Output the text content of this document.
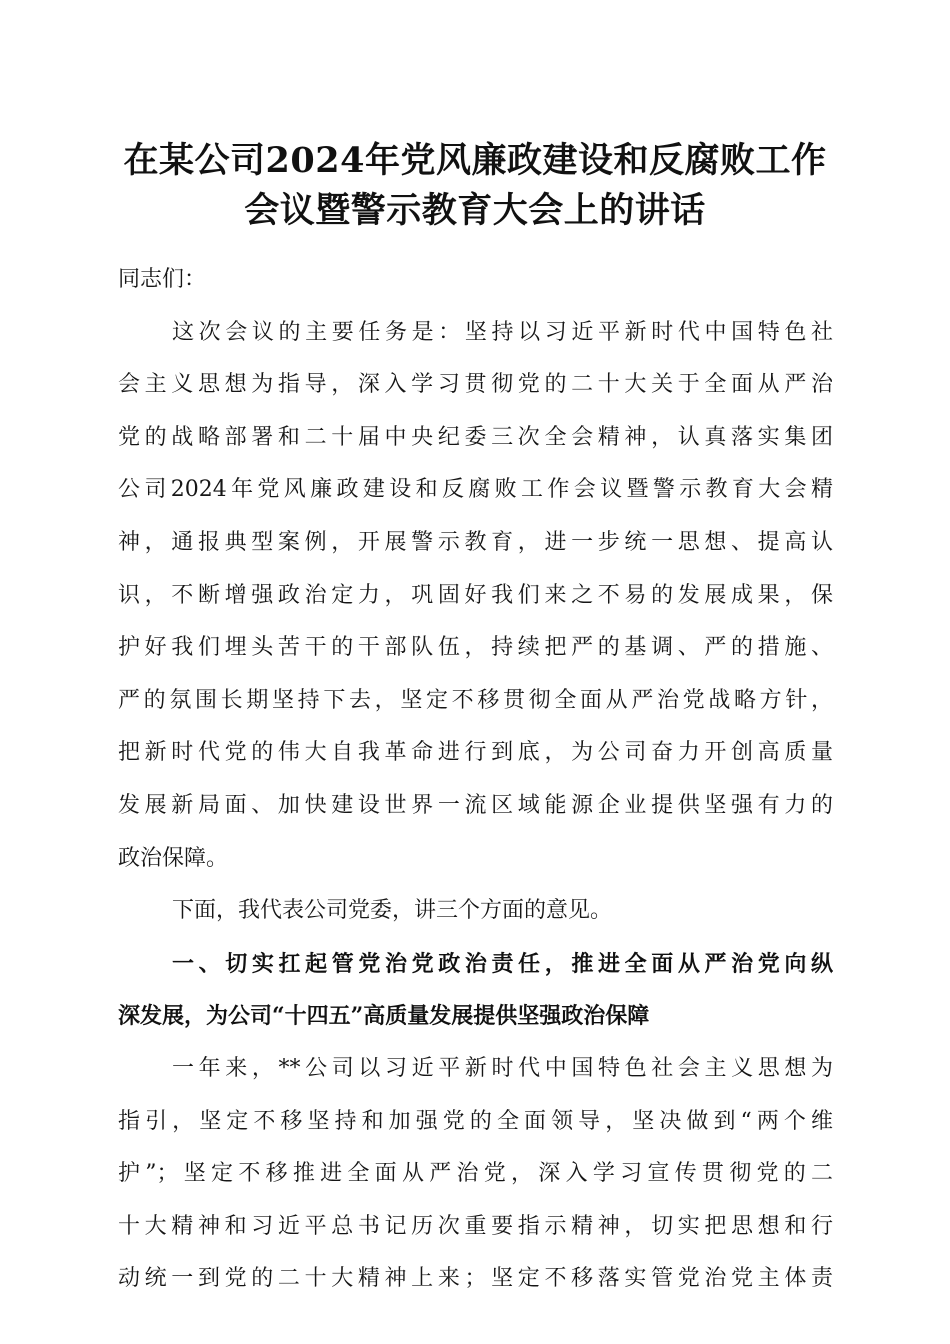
在某公司2024年党风廉政建设和反腐败工作
会议暨警示教育大会上的讲话
同志们：
这次会议的主要任务是：坚持以习近平新时代中国特色社
会主义思想为指导，深入学习贯彻党的二十大关于全面从严治
党的战略部署和二十届中央纪委三次全会精神，认真落实集团
公司2024年党风廉政建设和反腐败工作会议暨警示教育大会精
神，通报典型案例，开展警示教育，进一步统一思想、提高认
识，不断增强政治定力，巩固好我们来之不易的发展成果，保
护好我们埋头苦干的干部队伍，持续把严的基调、严的措施、
严的氛围长期坚持下去，坚定不移贯彻全面从严治党战略方针，
把新时代党的伟大自我革命进行到底，为公司奋力开创高质量
发展新局面、加快建设世界一流区域能源企业提供坚强有力的
政治保障。
下面，我代表公司党委，讲三个方面的意见。
一、切实扛起管党治党政治责任，推进全面从严治党向纵
深发展，为公司“十四五”高质量发展提供坚强政治保障
一年来，**公司以习近平新时代中国特色社会主义思想为
指引，坚定不移坚持和加强党的全面领导，坚决做到“两个维
护”；坚定不移推进全面从严治党，深入学习宣传贯彻党的二
十大精神和习近平总书记历次重要指示精神，切实把思想和行
动统一到党的二十大精神上来；坚定不移落实管党治党主体责
